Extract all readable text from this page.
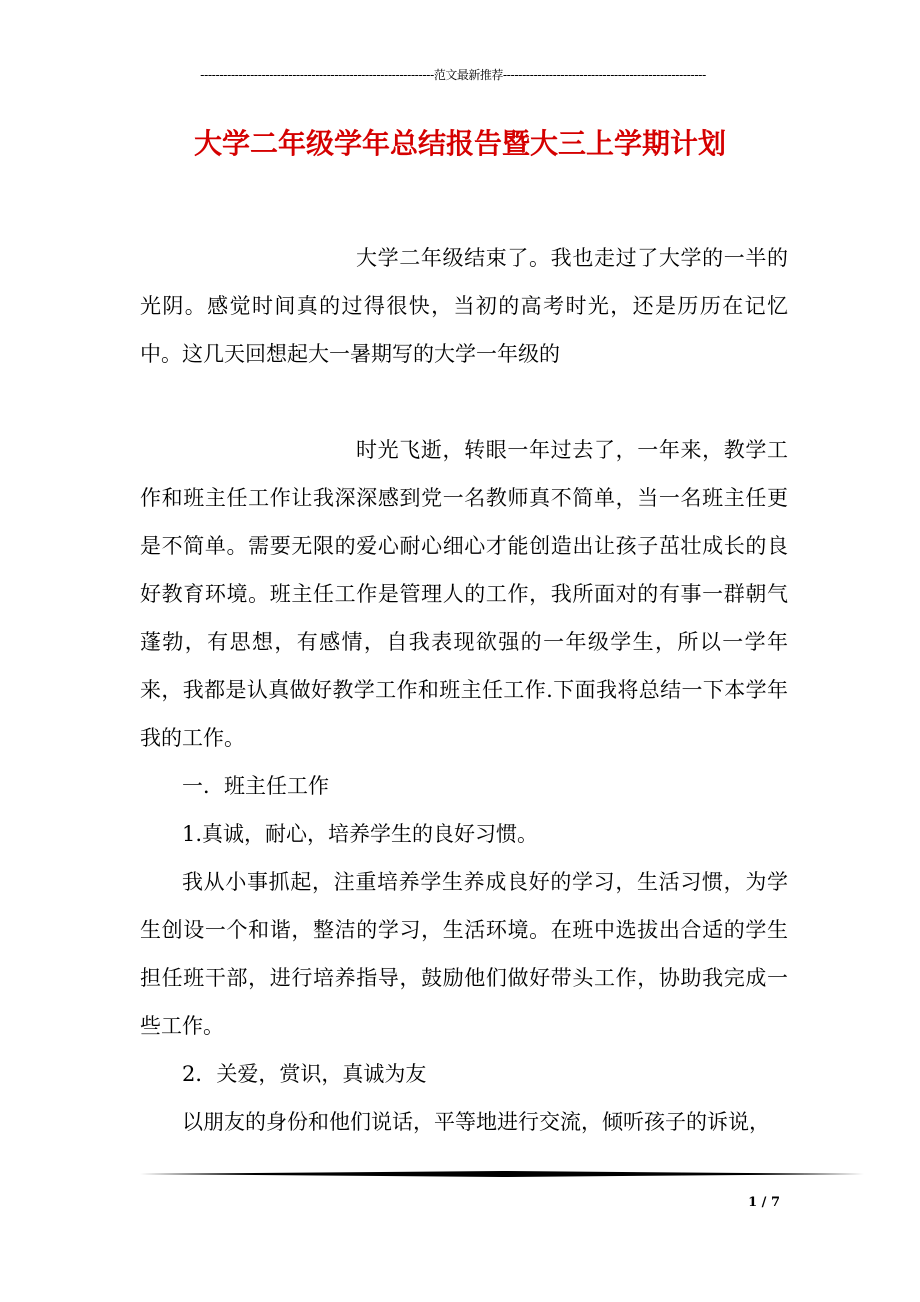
-------------------------------------------------------------范文最新推荐-----------------------------------------------------
大学二年级学年总结报告暨大三上学期计划

大学二年级结束了。我也走过了大学的一半的光阴。感觉时间真的过得很快，当初的高考时光，还是历历在记忆中。这几天回想起大一暑期写的大学一年级的

时光飞逝，转眼一年过去了，一年来，教学工作和班主任工作让我深深感到党一名教师真不简单，当一名班主任更是不简单。需要无限的爱心耐心细心才能创造出让孩子茁壮成长的良好教育环境。班主任工作是管理人的工作，我所面对的有事一群朝气蓬勃，有思想，有感情，自我表现欲强的一年级学生，所以一学年来，我都是认真做好教学工作和班主任工作.下面我将总结一下本学年我的工作。

一．班主任工作

1.真诚，耐心，培养学生的良好习惯。

我从小事抓起，注重培养学生养成良好的学习，生活习惯，为学生创设一个和谐，整洁的学习，生活环境。在班中选拔出合适的学生担任班干部，进行培养指导，鼓励他们做好带头工作，协助我完成一些工作。

2．关爱，赏识，真诚为友

以朋友的身份和他们说话，平等地进行交流，倾听孩子的诉说，

1 / 7
